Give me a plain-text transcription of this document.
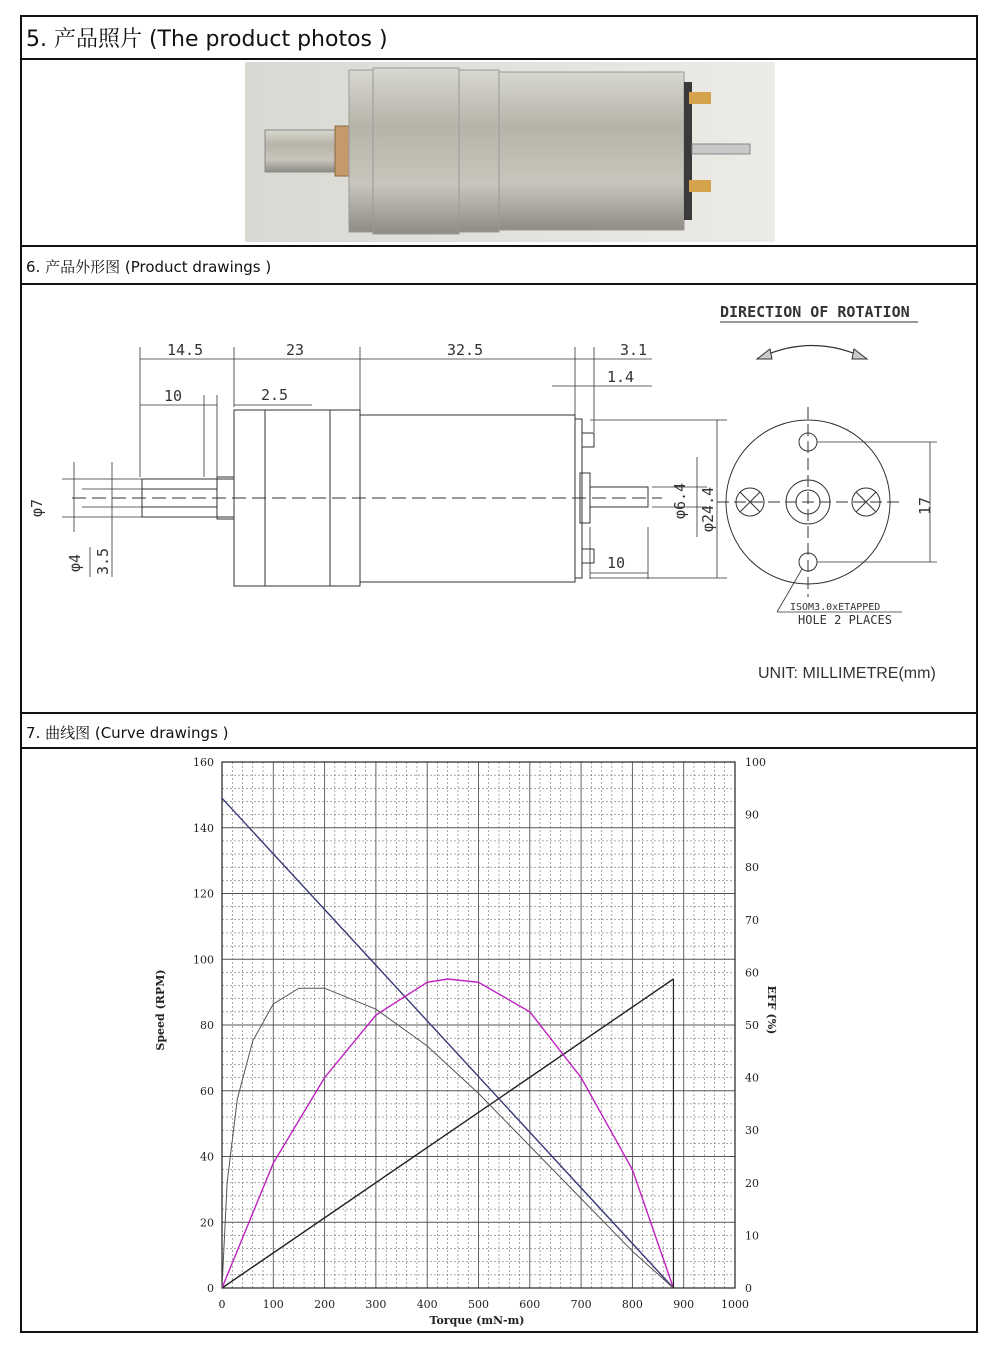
5. 产品照片 (The product photos )
6. 产品外形图 (Product drawings )
DIRECTION OF ROTATION
14.5	23	32.5	3.1
1.4
10	2.5
φ7
φ4 3.5
φ6.4 φ24.4
10
17
ISOM3.0xETAPPED
HOLE 2 PLACES
UNIT: MILLIMETRE(mm)
7. 曲线图 (Curve drawings )
0	100	200	300	400	500	600	700	800	900 1000
0
20
40
60
80
100
120
140
160
0
10
20
30
40
50
60
70
80
90
100
Torque (mN-m)
Speed (RPM)	EFF (%)
